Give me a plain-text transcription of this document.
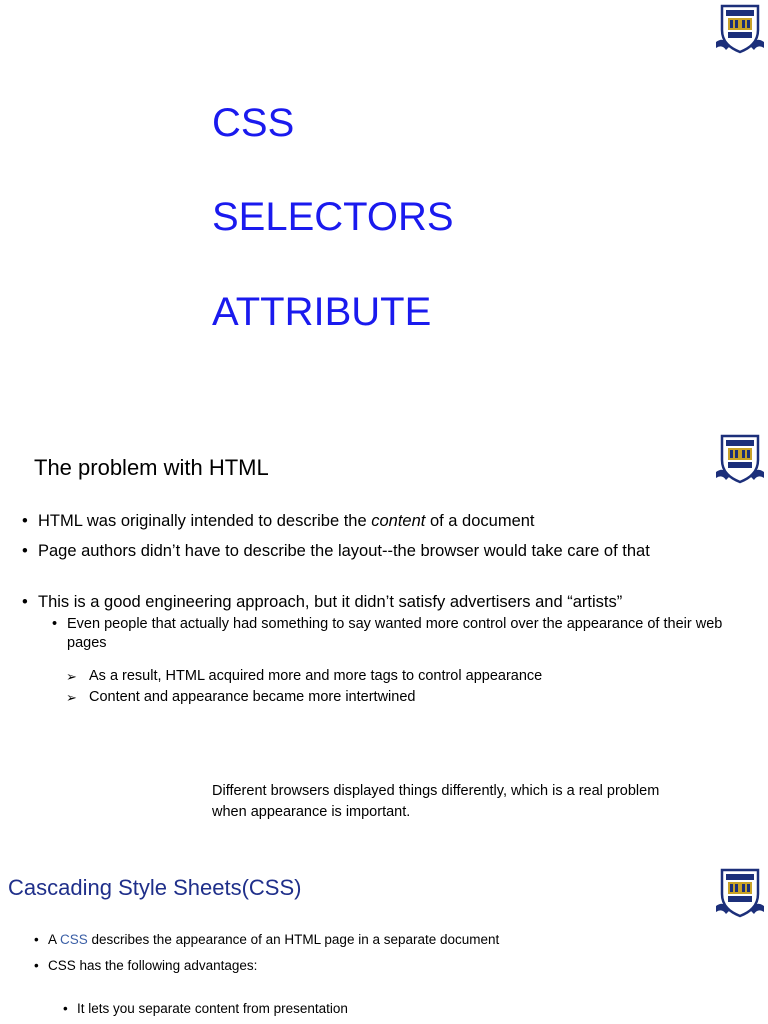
CSS
SELECTORS
ATTRIBUTE
The problem with HTML
• HTML was originally intended to describe the content of a document
• Page authors didn’t have to describe the layout--the browser would take care of that
• This is a good engineering approach, but it didn’t satisfy advertisers and “artists”
• Even people that actually had something to say wanted more control over the appearance of their web pages
➢ As a result, HTML acquired more and more tags to control appearance
➢ Content and appearance became more intertwined
Different browsers displayed things differently, which is a real problem when appearance is important.
Cascading Style Sheets(CSS)
• A CSS describes the appearance of an HTML page in a separate document
• CSS has the following advantages:
• It lets you separate content from presentation
